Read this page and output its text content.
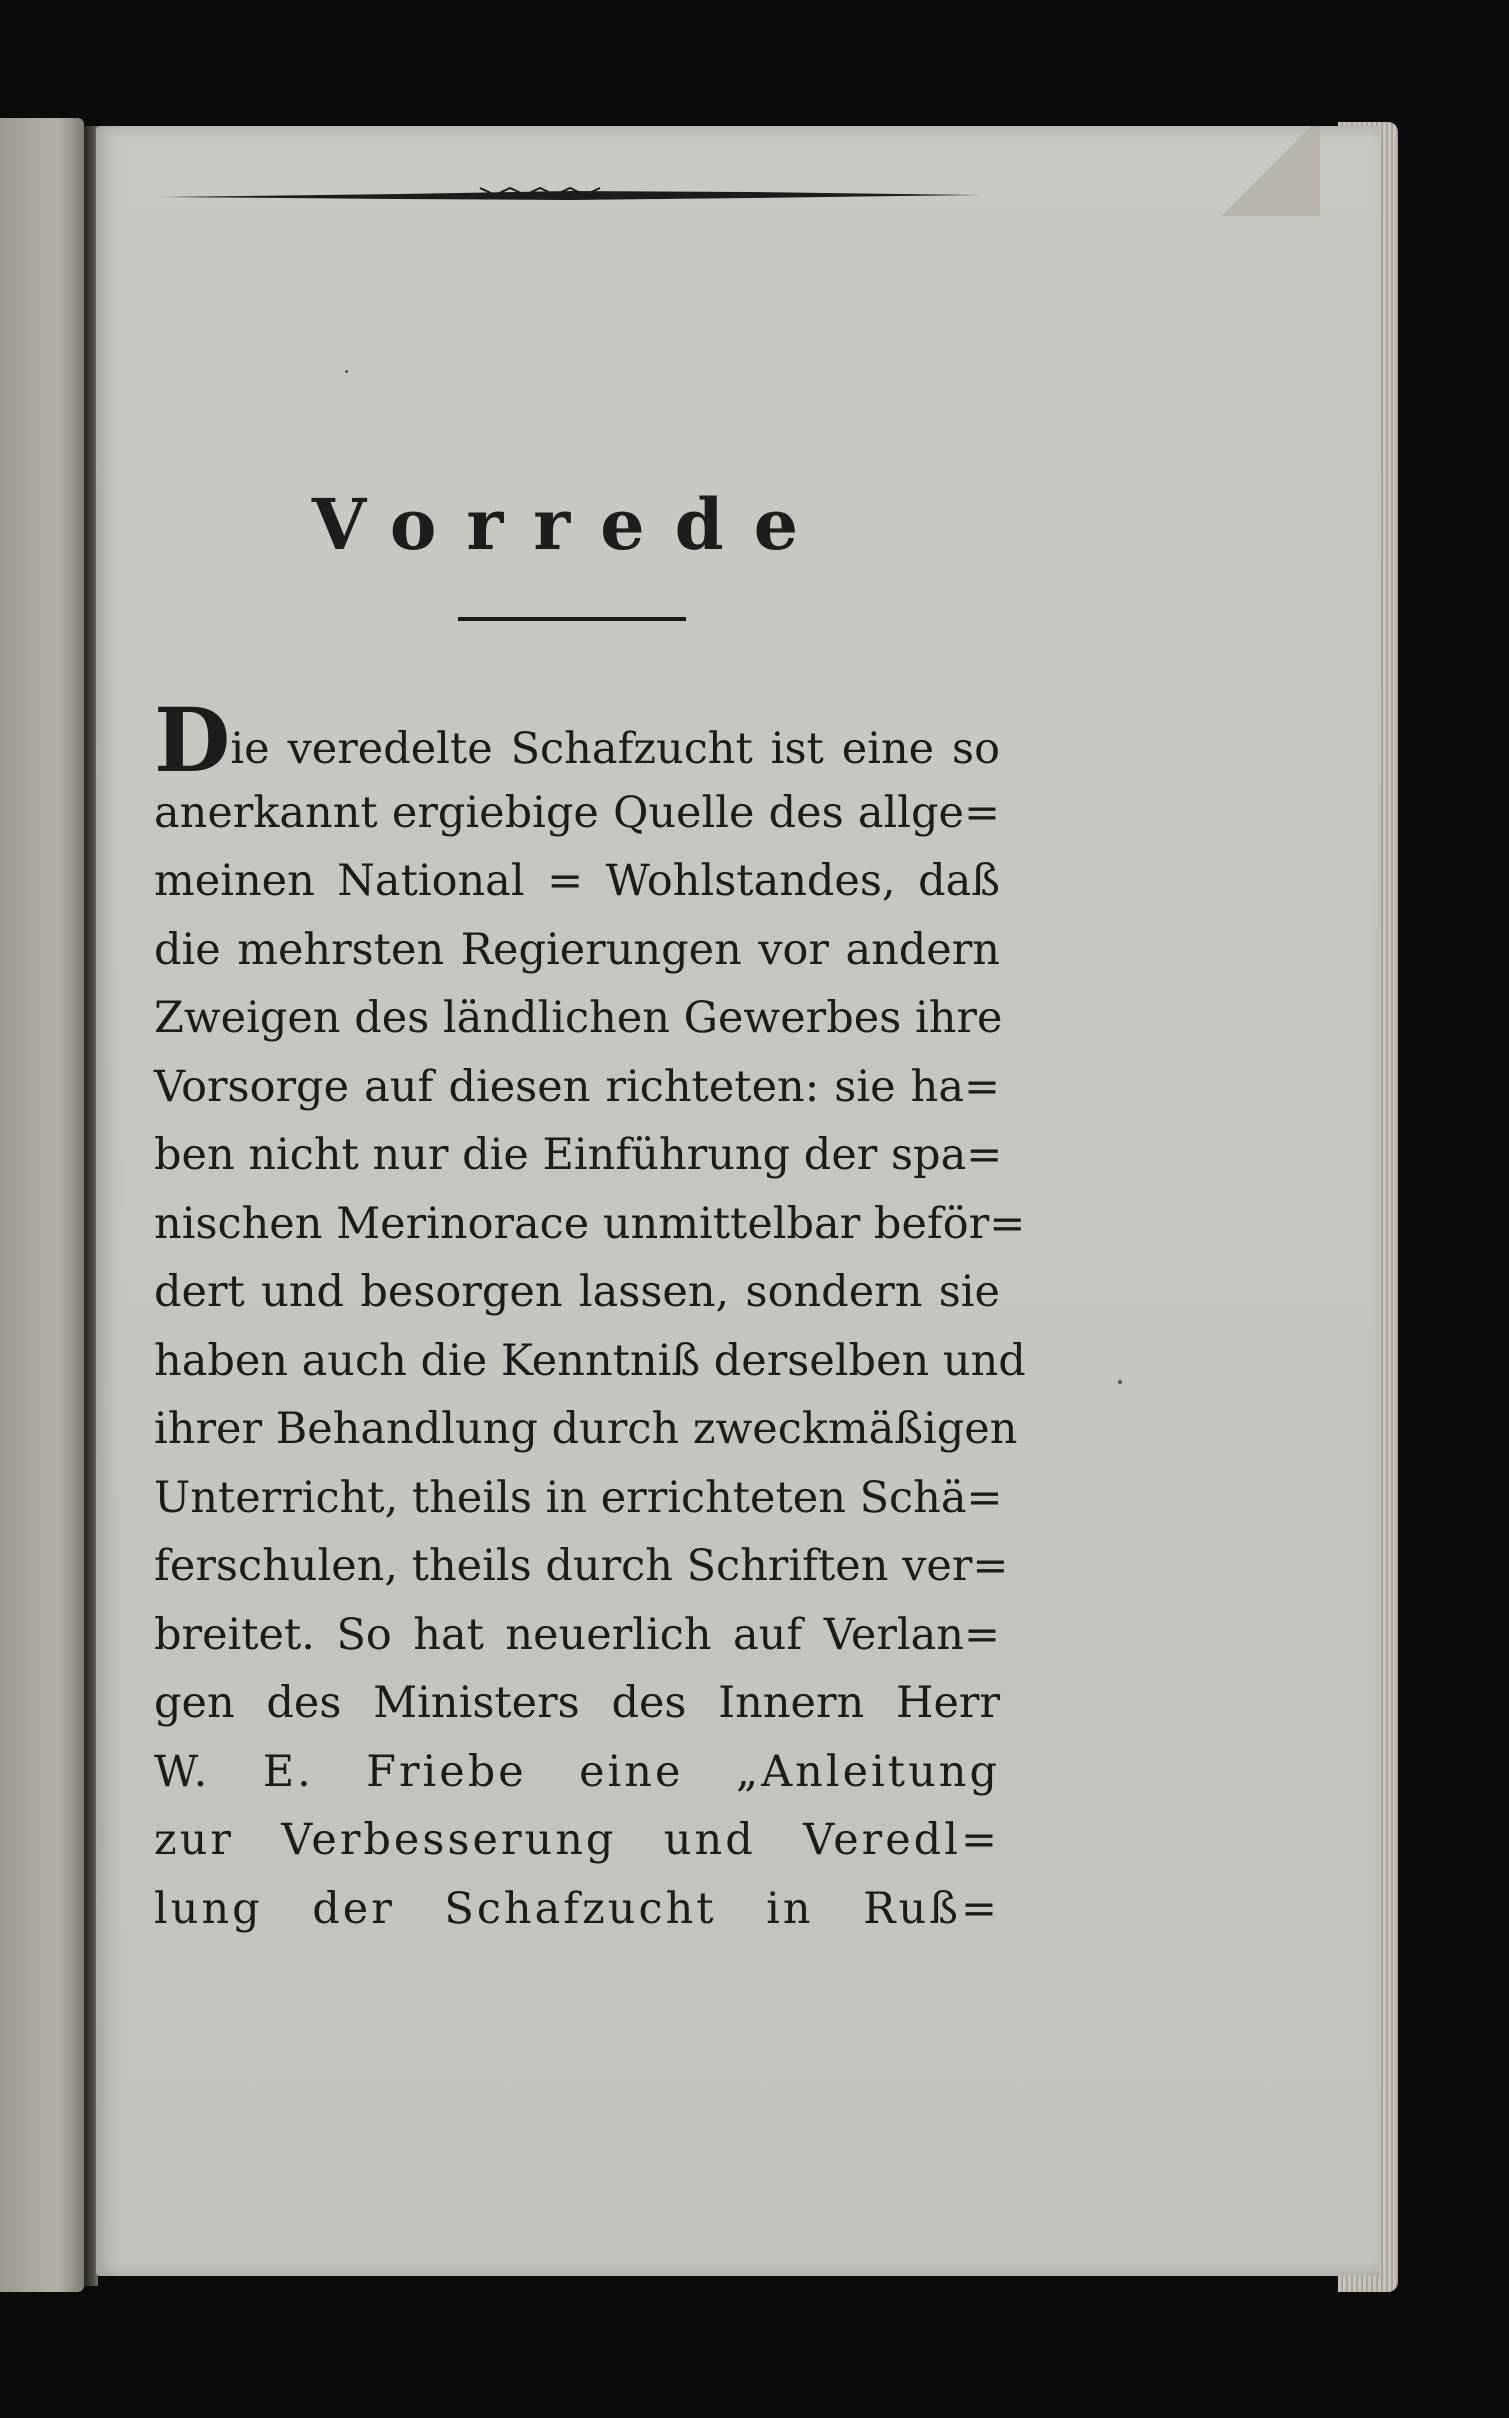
Vorrede

Die veredelte Schafzucht ist eine so
anerkannt ergiebige Quelle des allge=
meinen National = Wohlstandes, daß
die mehrsten Regierungen vor andern
Zweigen des ländlichen Gewerbes ihre
Vorsorge auf diesen richteten: sie ha=
ben nicht nur die Einführung der spa=
nischen Merinorace unmittelbar beför=
dert und besorgen lassen, sondern sie
haben auch die Kenntniß derselben und
ihrer Behandlung durch zweckmäßigen
Unterricht, theils in errichteten Schä=
ferschulen, theils durch Schriften ver=
breitet. So hat neuerlich auf Verlan=
gen des Ministers des Innern Herr
W. E. Friebe eine „Anleitung
zur Verbesserung und Veredl=
lung der Schafzucht in Ruß=
